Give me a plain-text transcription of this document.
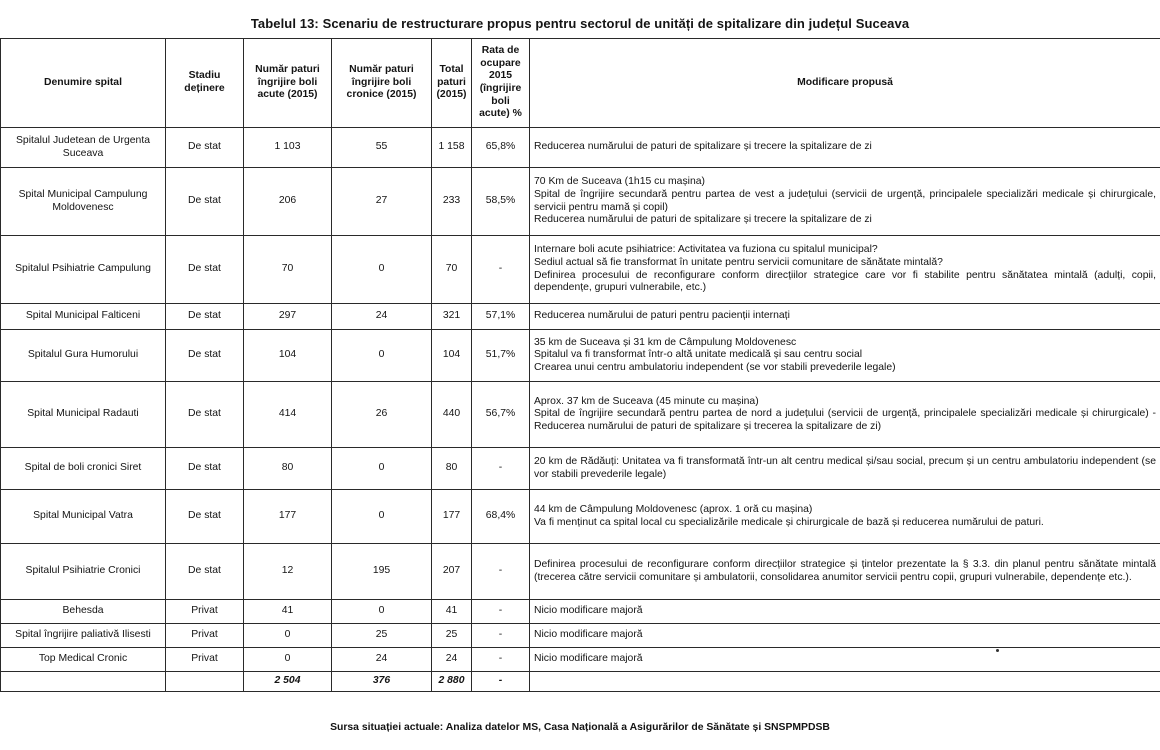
Tabelul 13: Scenariu de restructurare propus pentru sectorul de unități de spitalizare din județul Suceava
Denumire spital	Stadiu deținere	Număr paturi îngrijire boli acute (2015)	Număr paturi îngrijire boli cronice (2015)	Total paturi (2015)	Rata de ocupare 2015 (îngrijire boli acute) %	Modificare propusă
Spitalul Judetean de Urgenta Suceava	De stat	1 103	55	1 158	65,8%	Reducerea numărului de paturi de spitalizare și trecere la spitalizare de zi

Spital Municipal Campulung Moldovenesc	De stat	206	27	233	58,5%	70 Km de Suceava (1h15 cu mașina)
Spital de îngrijire secundară pentru partea de vest a județului (servicii de urgență, principalele specializări medicale și chirurgicale, servicii pentru mamă și copil)
Reducerea numărului de paturi de spitalizare și trecere la spitalizare de zi

Spitalul Psihiatrie Campulung	De stat	70	0	70	-	Internare boli acute psihiatrice: Activitatea va fuziona cu spitalul municipal?
Sediul actual să fie transformat în unitate pentru servicii comunitare de sănătate mintală?
Definirea procesului de reconfigurare conform direcțiilor strategice care vor fi stabilite pentru sănătatea mintală (adulți, copii, dependențe, grupuri vulnerabile, etc.)

Spital Municipal Falticeni	De stat	297	24	321	57,1%	Reducerea numărului de paturi pentru pacienții internați

Spitalul Gura Humorului	De stat	104	0	104	51,7%	35 km de Suceava și 31 km de Câmpulung Moldovenesc
Spitalul va fi transformat într-o altă unitate medicală și sau centru social
Crearea unui centru ambulatoriu independent (se vor stabili prevederile legale)

Spital Municipal Radauti	De stat	414	26	440	56,7%	Aprox. 37 km de Suceava (45 minute cu mașina)
Spital de îngrijire secundară pentru partea de nord a județului (servicii de urgență, principalele specializări medicale și chirurgicale) - Reducerea numărului de paturi de spitalizare și trecerea la spitalizare de zi)

Spital de boli cronici Siret	De stat	80	0	80	-	20 km de Rădăuți: Unitatea va fi transformată într-un alt centru medical și/sau social, precum și un centru ambulatoriu independent (se vor stabili prevederile legale)

Spital Municipal Vatra	De stat	177	0	177	68,4%	44 km de Câmpulung Moldovenesc (aprox. 1 oră cu mașina)
Va fi menținut ca spital local cu specializările medicale și chirurgicale de bază și reducerea numărului de paturi.

Spitalul Psihiatrie Cronici	De stat	12	195	207	-	Definirea procesului de reconfigurare conform direcțiilor strategice și țintelor prezentate la § 3.3. din planul pentru sănătate mintală (trecerea către servicii comunitare și ambulatorii, consolidarea anumitor servicii pentru copii, grupuri vulnerabile, dependențe etc.).

Behesda	Privat	41	0	41	-	Nicio modificare majoră

Spital îngrijire paliativă Ilisesti	Privat	0	25	25	-	Nicio modificare majoră

Top Medical Cronic	Privat	0	24	24	-	Nicio modificare majoră

		2 504	376	2 880	-	
Sursa situației actuale: Analiza datelor MS, Casa Națională a Asigurărilor de Sănătate și SNSPMPDSB
